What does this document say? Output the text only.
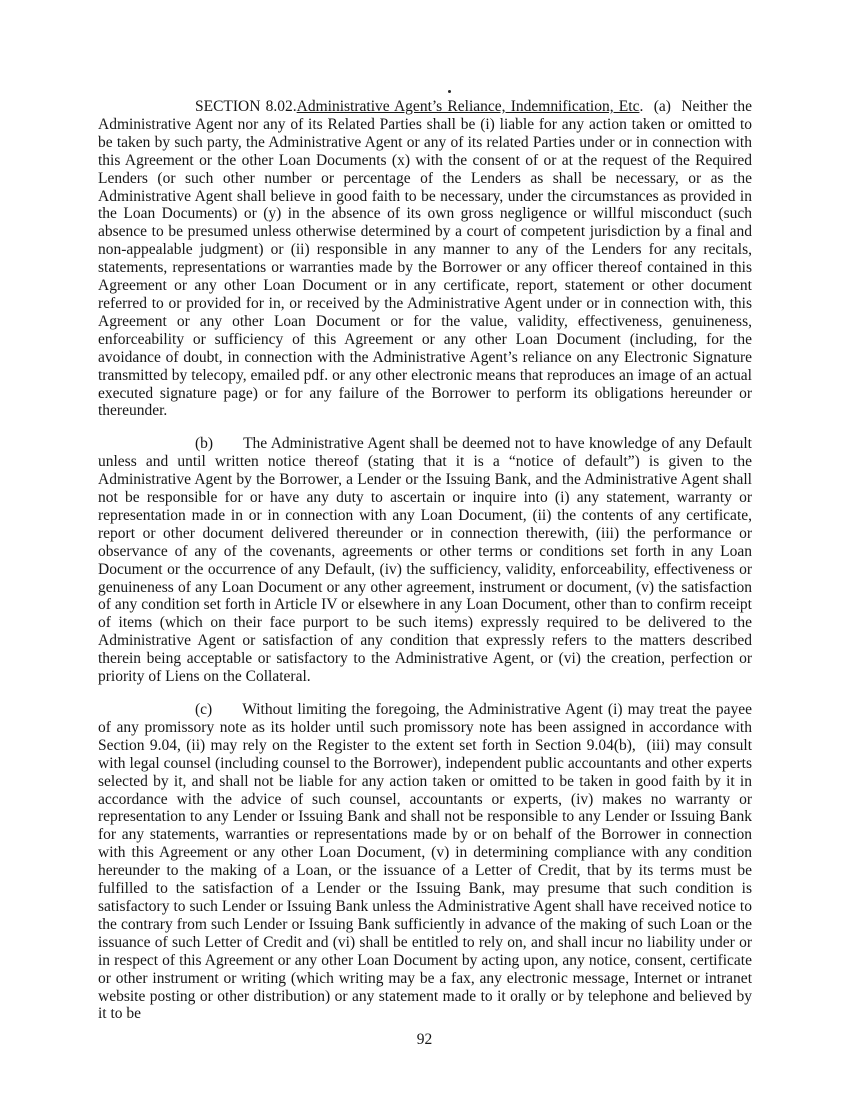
SECTION 8.02.Administrative Agent’s Reliance, Indemnification, Etc.  (a)  Neither the Administrative Agent nor any of its Related Parties shall be (i) liable for any action taken or omitted to be taken by such party, the Administrative Agent or any of its related Parties under or in connection with this Agreement or the other Loan Documents (x) with the consent of or at the request of the Required Lenders (or such other number or percentage of the Lenders as shall be necessary, or as the Administrative Agent shall believe in good faith to be necessary, under the circumstances as provided in the Loan Documents) or (y) in the absence of its own gross negligence or willful misconduct (such absence to be presumed unless otherwise determined by a court of competent jurisdiction by a final and non-appealable judgment) or (ii) responsible in any manner to any of the Lenders for any recitals, statements, representations or warranties made by the Borrower or any officer thereof contained in this Agreement or any other Loan Document or in any certificate, report, statement or other document referred to or provided for in, or received by the Administrative Agent under or in connection with, this Agreement or any other Loan Document or for the value, validity, effectiveness, genuineness, enforceability or sufficiency of this Agreement or any other Loan Document (including, for the avoidance of doubt, in connection with the Administrative Agent’s reliance on any Electronic Signature transmitted by telecopy, emailed pdf. or any other electronic means that reproduces an image of an actual executed signature page) or for any failure of the Borrower to perform its obligations hereunder or thereunder.

(b) The Administrative Agent shall be deemed not to have knowledge of any Default unless and until written notice thereof (stating that it is a “notice of default”) is given to the Administrative Agent by the Borrower, a Lender or the Issuing Bank, and the Administrative Agent shall not be responsible for or have any duty to ascertain or inquire into (i) any statement, warranty or representation made in or in connection with any Loan Document, (ii) the contents of any certificate, report or other document delivered thereunder or in connection therewith, (iii) the performance or observance of any of the covenants, agreements or other terms or conditions set forth in any Loan Document or the occurrence of any Default, (iv) the sufficiency, validity, enforceability, effectiveness or genuineness of any Loan Document or any other agreement, instrument or document, (v) the satisfaction of any condition set forth in Article IV or elsewhere in any Loan Document, other than to confirm receipt of items (which on their face purport to be such items) expressly required to be delivered to the Administrative Agent or satisfaction of any condition that expressly refers to the matters described therein being acceptable or satisfactory to the Administrative Agent, or (vi) the creation, perfection or priority of Liens on the Collateral.

(c) Without limiting the foregoing, the Administrative Agent (i) may treat the payee of any promissory note as its holder until such promissory note has been assigned in accordance with Section 9.04, (ii) may rely on the Register to the extent set forth in Section 9.04(b),  (iii) may consult with legal counsel (including counsel to the Borrower), independent public accountants and other experts selected by it, and shall not be liable for any action taken or omitted to be taken in good faith by it in accordance with the advice of such counsel, accountants or experts, (iv) makes no warranty or representation to any Lender or Issuing Bank and shall not be responsible to any Lender or Issuing Bank for any statements, warranties or representations made by or on behalf of the Borrower in connection with this Agreement or any other Loan Document, (v) in determining compliance with any condition hereunder to the making of a Loan, or the issuance of a Letter of Credit, that by its terms must be fulfilled to the satisfaction of a Lender or the Issuing Bank, may presume that such condition is satisfactory to such Lender or Issuing Bank unless the Administrative Agent shall have received notice to the contrary from such Lender or Issuing Bank sufficiently in advance of the making of such Loan or the issuance of such Letter of Credit and (vi) shall be entitled to rely on, and shall incur no liability under or in respect of this Agreement or any other Loan Document by acting upon, any notice, consent, certificate or other instrument or writing (which writing may be a fax, any electronic message, Internet or intranet website posting or other distribution) or any statement made to it orally or by telephone and believed by it to be

92
